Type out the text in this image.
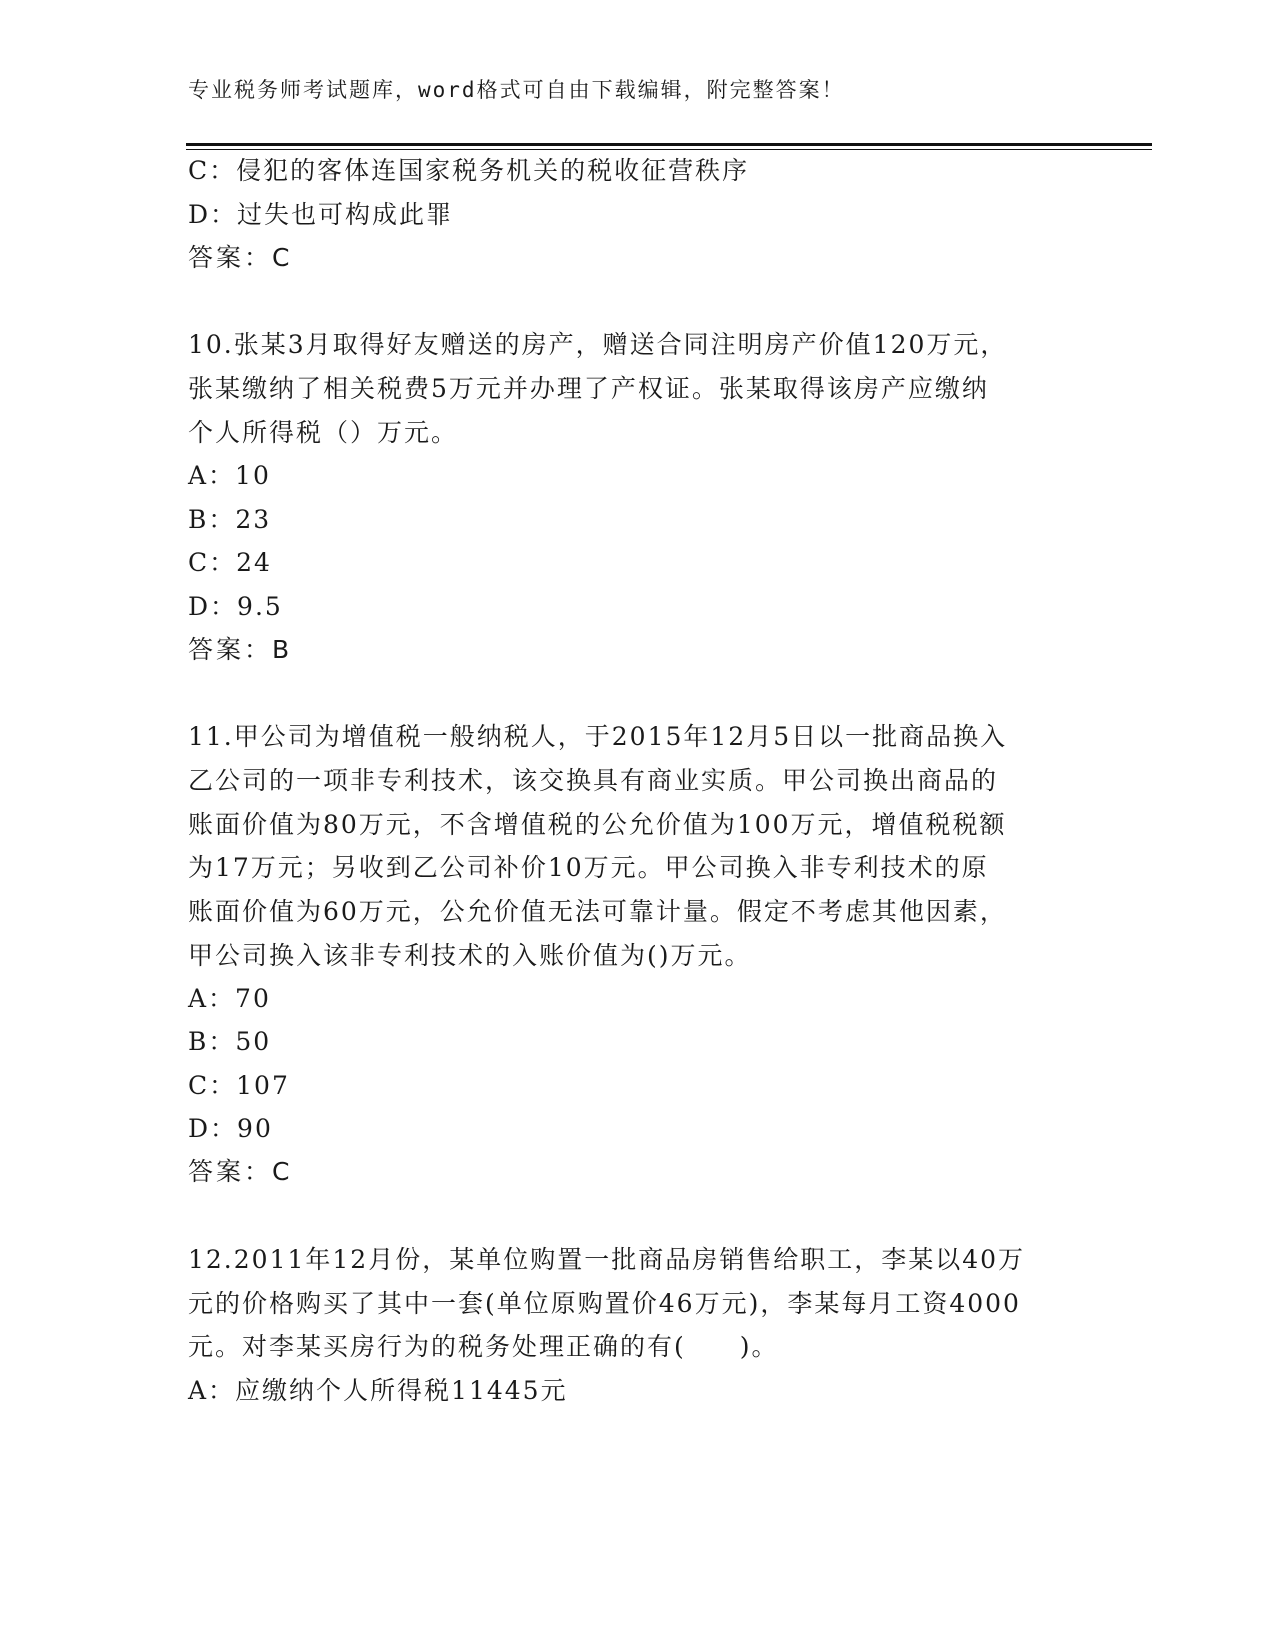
专业税务师考试题库，word格式可自由下载编辑，附完整答案！
C：侵犯的客体连国家税务机关的税收征营秩序
D：过失也可构成此罪
答案：C
10.张某3月取得好友赠送的房产，赠送合同注明房产价值120万元，
张某缴纳了相关税费5万元并办理了产权证。张某取得该房产应缴纳
个人所得税（）万元。
A：10
B：23
C：24
D：9.5
答案：B
11.甲公司为增值税一般纳税人，于2015年12月5日以一批商品换入
乙公司的一项非专利技术，该交换具有商业实质。甲公司换出商品的
账面价值为80万元，不含增值税的公允价值为100万元，增值税税额
为17万元；另收到乙公司补价10万元。甲公司换入非专利技术的原
账面价值为60万元，公允价值无法可靠计量。假定不考虑其他因素，
甲公司换入该非专利技术的入账价值为()万元。
A：70
B：50
C：107
D：90
答案：C
12.2011年12月份，某单位购置一批商品房销售给职工，李某以40万
元的价格购买了其中一套(单位原购置价46万元)，李某每月工资4000
元。对李某买房行为的税务处理正确的有(　　)。
A：应缴纳个人所得税11445元
